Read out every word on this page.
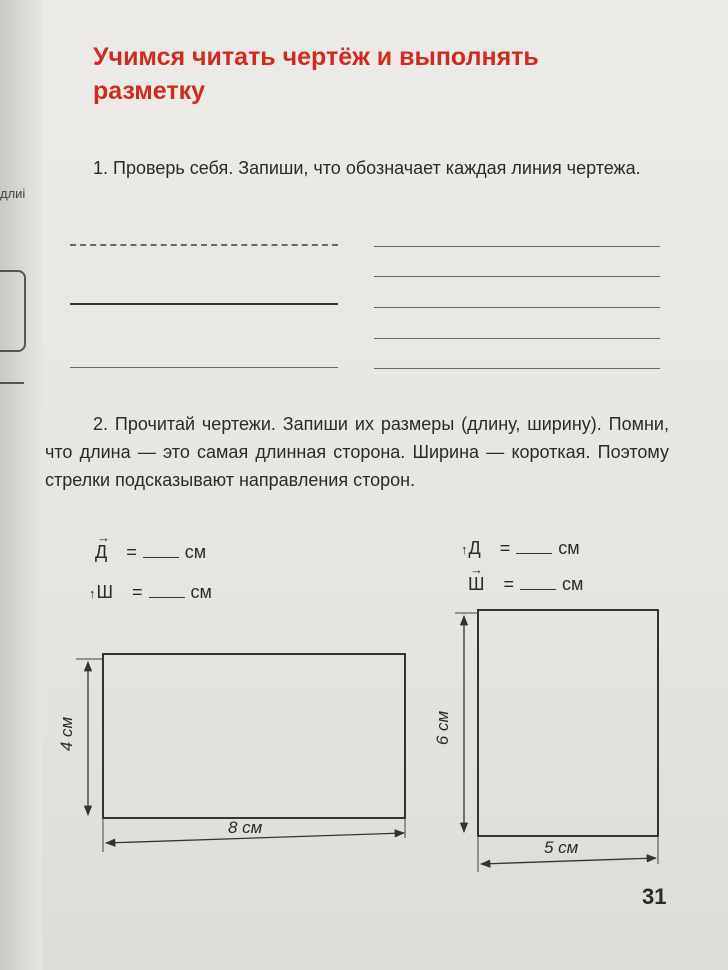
длиі
Учимся читать чертёж и выполнять разметку
1. Проверь себя. Запиши, что обозначает каждая линия чертежа.
2. Прочитай чертежи. Запиши их размеры (длину, ширину). Помни, что длина — это самая длинная сторона. Ширина — короткая. Поэтому стрелки подсказывают направления сторон.
→
Д =	см
↑Ш =	см
↑Д =	см
→
Ш =	см
4 см
8 см
6 см
5 см
31
